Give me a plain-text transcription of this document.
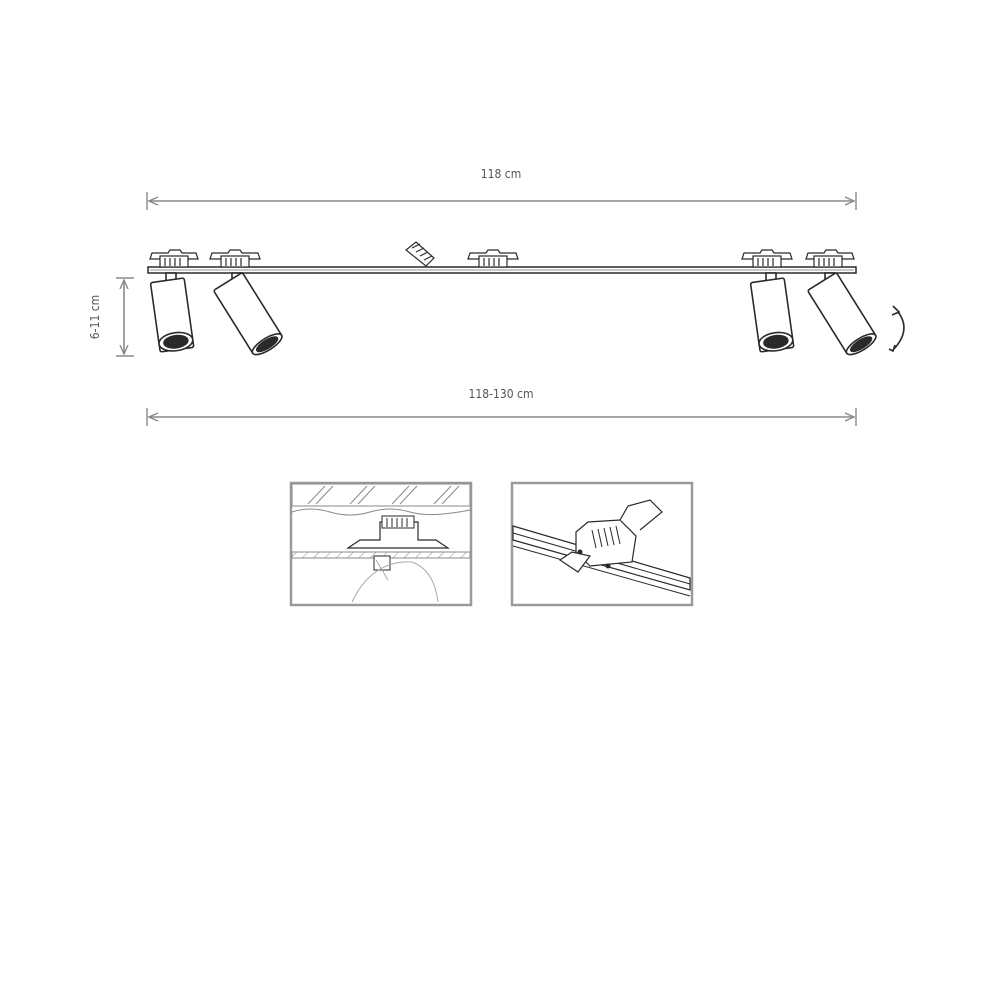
118 cm
118-130 cm
6-11 cm
